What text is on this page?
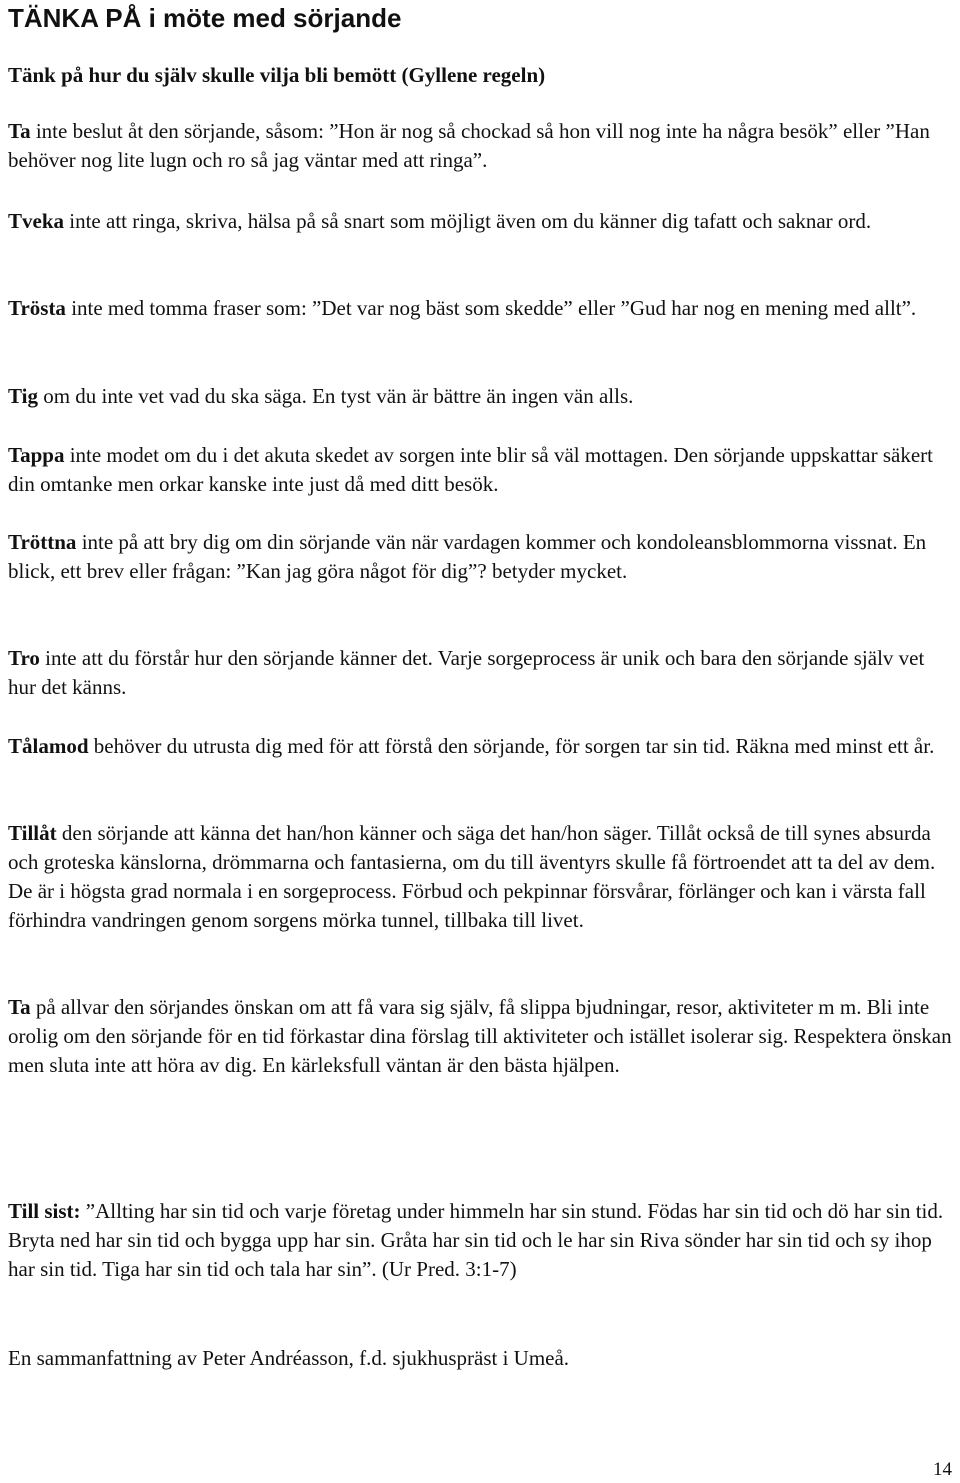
TÄNKA PÅ i möte med sörjande

Tänk på hur du själv skulle vilja bli bemött (Gyllene regeln)

Ta inte beslut åt den sörjande, såsom: ”Hon är nog så chockad så hon vill nog inte ha några besök” eller ”Han behöver nog lite lugn och ro så jag väntar med att ringa”.

Tveka inte att ringa, skriva, hälsa på så snart som möjligt även om du känner dig tafatt och saknar ord.

Trösta inte med tomma fraser som: ”Det var nog bäst som skedde” eller ”Gud har nog en mening med allt”.

Tig om du inte vet vad du ska säga. En tyst vän är bättre än ingen vän alls.

Tappa inte modet om du i det akuta skedet av sorgen inte blir så väl mottagen. Den sörjande uppskattar säkert din omtanke men orkar kanske inte just då med ditt besök.

Tröttna inte på att bry dig om din sörjande vän när vardagen kommer och kondoleansblommorna vissnat. En blick, ett brev eller frågan: ”Kan jag göra något för dig”? betyder mycket.

Tro inte att du förstår hur den sörjande känner det. Varje sorgeprocess är unik och bara den sörjande själv vet hur det känns.

Tålamod behöver du utrusta dig med för att förstå den sörjande, för sorgen tar sin tid. Räkna med minst ett år.

Tillåt den sörjande att känna det han/hon känner och säga det han/hon säger. Tillåt också de till synes absurda och groteska känslorna, drömmarna och fantasierna, om du till äventyrs skulle få förtroendet att ta del av dem. De är i högsta grad normala i en sorgeprocess. Förbud och pekpinnar försvårar, förlänger och kan i värsta fall förhindra vandringen genom sorgens mörka tunnel, tillbaka till livet.

Ta på allvar den sörjandes önskan om att få vara sig själv, få slippa bjudningar, resor, aktiviteter m m. Bli inte orolig om den sörjande för en tid förkastar dina förslag till aktiviteter och istället isolerar sig. Respektera önskan men sluta inte att höra av dig. En kärleksfull väntan är den bästa hjälpen.

Till sist: ”Allting har sin tid och varje företag under himmeln har sin stund. Födas har sin tid och dö har sin tid. Bryta ned har sin tid och bygga upp har sin. Gråta har sin tid och le har sin Riva sönder har sin tid och sy ihop har sin tid. Tiga har sin tid och tala har sin”. (Ur Pred. 3:1-7)

En sammanfattning av Peter Andréasson, f.d. sjukhuspräst i Umeå.

14
